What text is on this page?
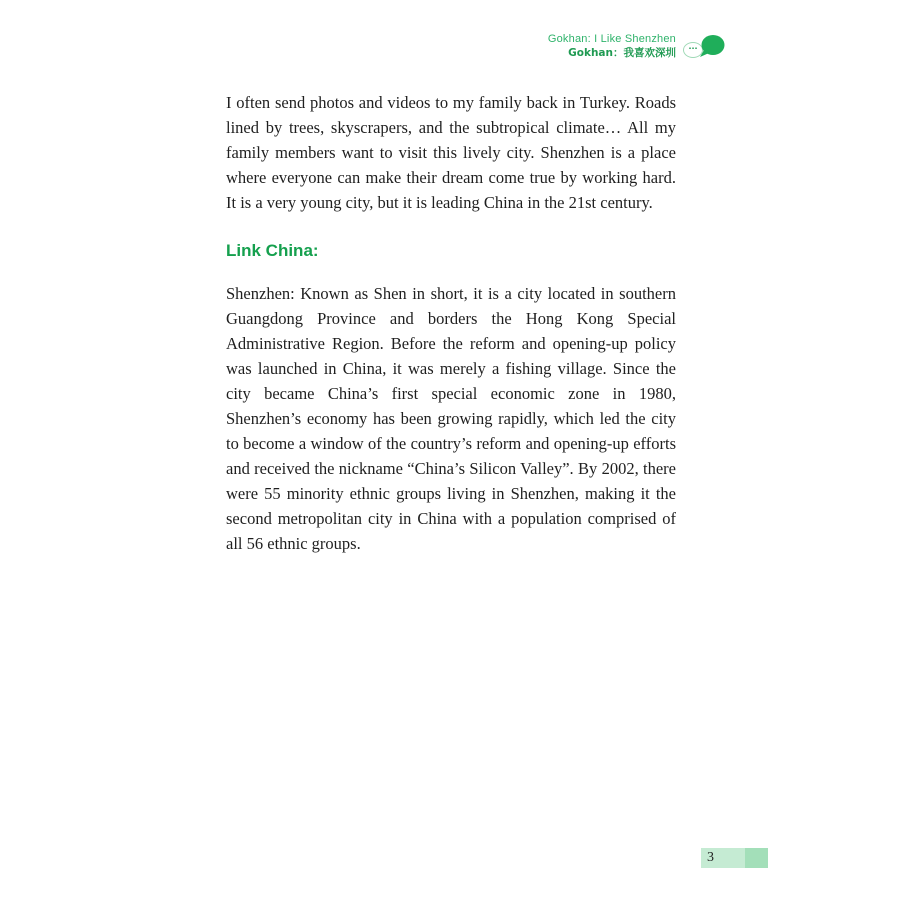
Gokhan: I Like Shenzhen
Gokhan：我喜欢深圳	···

I often send photos and videos to my family back in Turkey. Roads lined by trees, skyscrapers, and the subtropical climate… All my family members want to visit this lively city. Shenzhen is a place where everyone can make their dream come true by working hard. It is a very young city, but it is leading China in the 21st century.

Link China:

Shenzhen: Known as Shen in short, it is a city located in southern Guangdong Province and borders the Hong Kong Special Administrative Region. Before the reform and opening-up policy was launched in China, it was merely a fishing village. Since the city became China’s first special economic zone in 1980, Shenzhen’s economy has been growing rapidly, which led the city to become a window of the country’s reform and opening-up efforts and received the nickname “China’s Silicon Valley”. By 2002, there were 55 minority ethnic groups living in Shenzhen, making it the second metropolitan city in China with a population comprised of all 56 ethnic groups.

3
